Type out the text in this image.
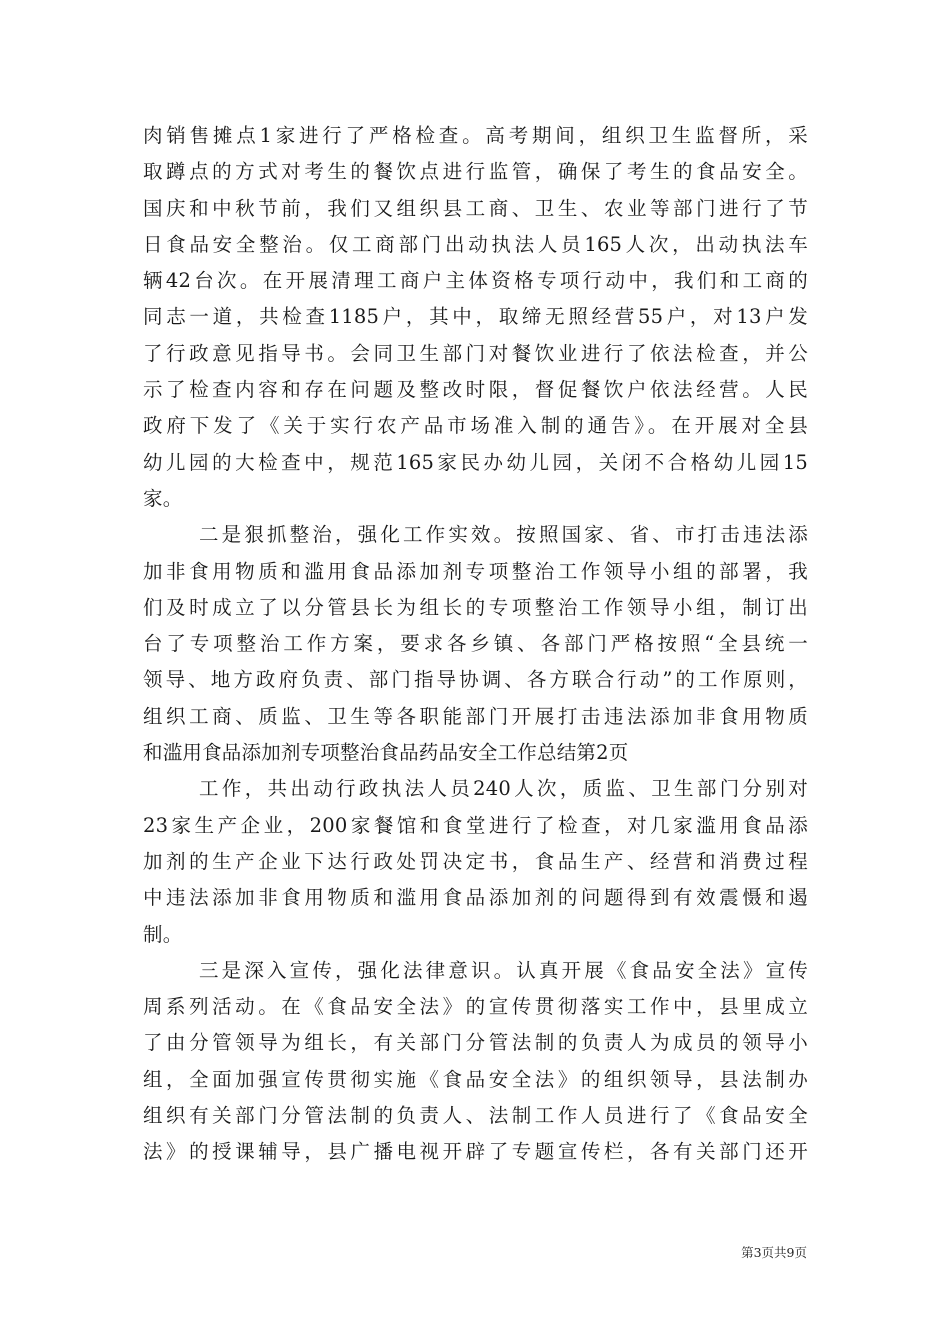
肉销售摊点1家进行了严格检查。高考期间，组织卫生监督所，采
取蹲点的方式对考生的餐饮点进行监管，确保了考生的食品安全。
国庆和中秋节前，我们又组织县工商、卫生、农业等部门进行了节
日食品安全整治。仅工商部门出动执法人员165人次，出动执法车
辆42台次。在开展清理工商户主体资格专项行动中，我们和工商的
同志一道，共检查1185户，其中，取缔无照经营55户，对13户发
了行政意见指导书。会同卫生部门对餐饮业进行了依法检查，并公
示了检查内容和存在问题及整改时限，督促餐饮户依法经营。人民
政府下发了《关于实行农产品市场准入制的通告》。在开展对全县
幼儿园的大检查中，规范165家民办幼儿园，关闭不合格幼儿园15
家。
二是狠抓整治，强化工作实效。按照国家、省、市打击违法添
加非食用物质和滥用食品添加剂专项整治工作领导小组的部署，我
们及时成立了以分管县长为组长的专项整治工作领导小组，制订出
台了专项整治工作方案，要求各乡镇、各部门严格按照“全县统一
领导、地方政府负责、部门指导协调、各方联合行动”的工作原则，
组织工商、质监、卫生等各职能部门开展打击违法添加非食用物质
和滥用食品添加剂专项整治食品药品安全工作总结第2页
工作，共出动行政执法人员240人次，质监、卫生部门分别对
23家生产企业，200家餐馆和食堂进行了检查，对几家滥用食品添
加剂的生产企业下达行政处罚决定书，食品生产、经营和消费过程
中违法添加非食用物质和滥用食品添加剂的问题得到有效震慑和遏
制。
三是深入宣传，强化法律意识。认真开展《食品安全法》宣传
周系列活动。在《食品安全法》的宣传贯彻落实工作中，县里成立
了由分管领导为组长，有关部门分管法制的负责人为成员的领导小
组，全面加强宣传贯彻实施《食品安全法》的组织领导，县法制办
组织有关部门分管法制的负责人、法制工作人员进行了《食品安全
法》的授课辅导，县广播电视开辟了专题宣传栏，各有关部门还开
第3页共9页
